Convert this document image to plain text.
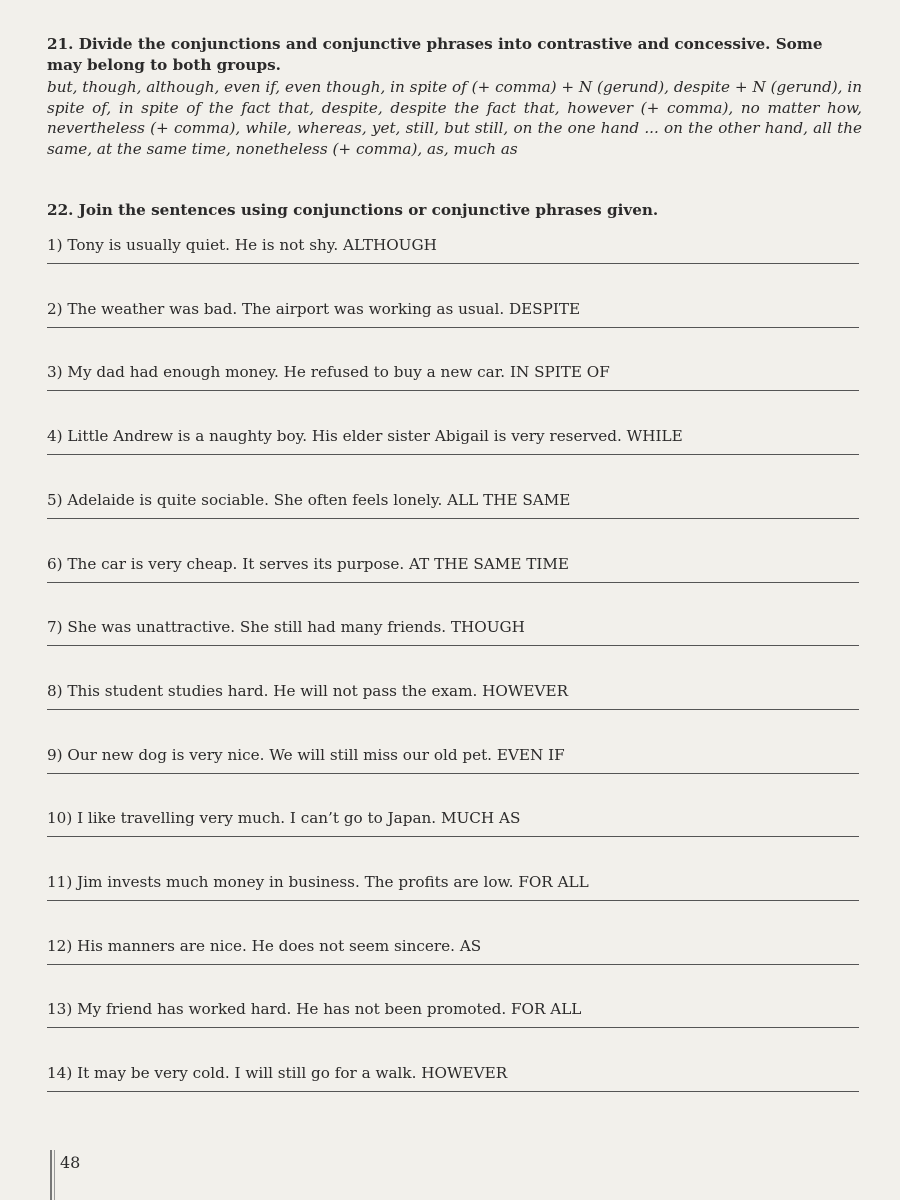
21. Divide the conjunctions and conjunctive phrases into contrastive and concessive. Some may belong to both groups.
but, though, although, even if, even though, in spite of (+ comma) + N (gerund), despite + N (gerund), in spite of, in spite of the fact that, despite, despite the fact that, however (+ comma), no matter how, nevertheless (+ comma), while, whereas, yet, still, but still, on the one hand ... on the other hand, all the same, at the same time, nonetheless (+ comma), as, much as
22. Join the sentences using conjunctions or conjunctive phrases given.
1) Tony is usually quiet. He is not shy. ALTHOUGH
2) The weather was bad. The airport was working as usual. DESPITE
3) My dad had enough money. He refused to buy a new car. IN SPITE OF
4) Little Andrew is a naughty boy. His elder sister Abigail is very reserved. WHILE
5) Adelaide is quite sociable. She often feels lonely. ALL THE SAME
6) The car is very cheap. It serves its purpose. AT THE SAME TIME
7) She was unattractive. She still had many friends. THOUGH
8) This student studies hard. He will not pass the exam. HOWEVER
9) Our new dog is very nice. We will still miss our old pet. EVEN IF
10) I like travelling very much. I can’t go to Japan. MUCH AS
11) Jim invests much money in business. The profits are low. FOR ALL
12) His manners are nice. He does not seem sincere. AS
13) My friend has worked hard. He has not been promoted. FOR ALL
14) It may be very cold. I will still go for a walk. HOWEVER
48
